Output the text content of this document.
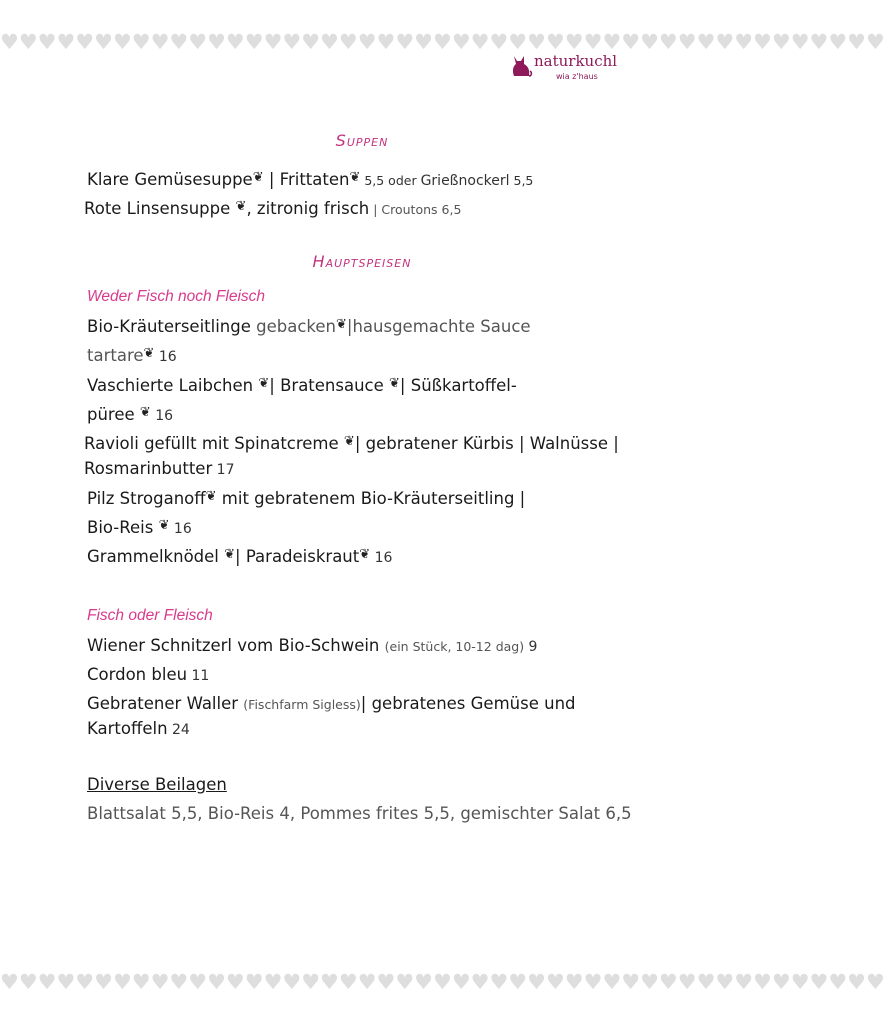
♥♥♥♥♥♥♥♥♥♥♥♥♥♥♥♥♥♥♥♥♥♥♥♥♥♥♥♥♥♥♥♥♥♥♥♥♥♥♥♥♥♥♥♥♥♥♥
naturkuchl
wia z'haus
Suppen
Klare Gemüsesuppe❦ | Frittaten❦ 5,5 oder Grießnockerl 5,5
Rote Linsensuppe ❦, zitronig frisch | Croutons 6,5
Hauptspeisen
Weder Fisch noch Fleisch
Bio-Kräuterseitlinge gebacken❦|hausgemachte Sauce
tartare❦ 16
Vaschierte Laibchen ❦| Bratensauce ❦| Süßkartoffel-
püree ❦ 16
Ravioli gefüllt mit Spinatcreme ❦| gebratener Kürbis | Walnüsse |
Rosmarinbutter 17
Pilz Stroganoff❦ mit gebratenem Bio-Kräuterseitling |
Bio-Reis ❦ 16
Grammelknödel ❦| Paradeiskraut❦ 16
Fisch oder Fleisch
Wiener Schnitzerl vom Bio-Schwein (ein Stück, 10-12 dag) 9
Cordon bleu 11
Gebratener Waller (Fischfarm Sigless)| gebratenes Gemüse und
Kartoffeln 24
Diverse Beilagen
Blattsalat 5,5, Bio-Reis 4, Pommes frites 5,5, gemischter Salat 6,5
♥♥♥♥♥♥♥♥♥♥♥♥♥♥♥♥♥♥♥♥♥♥♥♥♥♥♥♥♥♥♥♥♥♥♥♥♥♥♥♥♥♥♥♥♥♥♥
